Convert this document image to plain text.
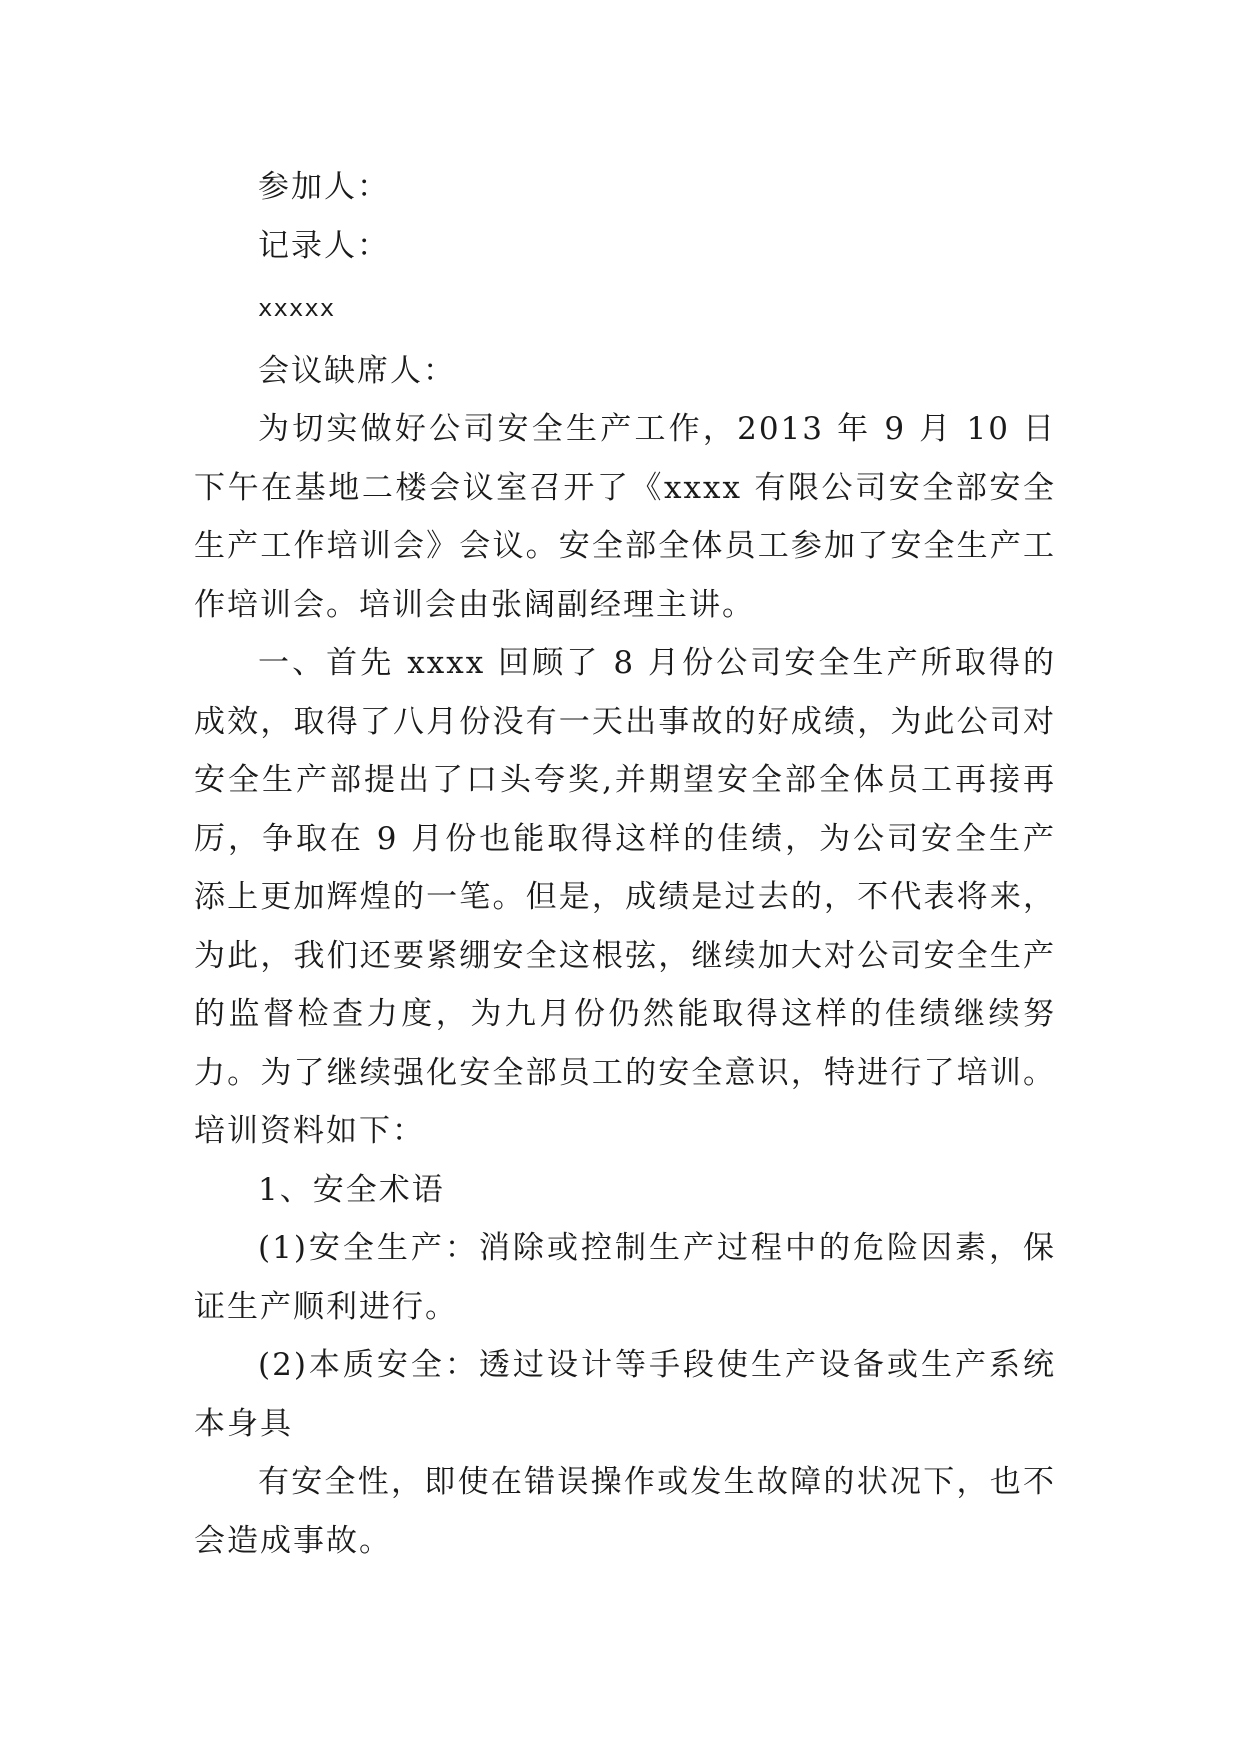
参加人：

记录人：

xxxxx

会议缺席人：

为切实做好公司安全生产工作，2013 年 9 月 10 日下午在基地二楼会议室召开了《xxxx 有限公司安全部安全生产工作培训会》会议。安全部全体员工参加了安全生产工作培训会。培训会由张阔副经理主讲。

一、首先 xxxx 回顾了 8 月份公司安全生产所取得的成效，取得了八月份没有一天出事故的好成绩，为此公司对安全生产部提出了口头夸奖,并期望安全部全体员工再接再厉，争取在 9 月份也能取得这样的佳绩，为公司安全生产添上更加辉煌的一笔。但是，成绩是过去的，不代表将来，为此，我们还要紧绷安全这根弦，继续加大对公司安全生产的监督检查力度，为九月份仍然能取得这样的佳绩继续努力。为了继续强化安全部员工的安全意识，特进行了培训。培训资料如下：

1、安全术语

(1)安全生产：消除或控制生产过程中的危险因素，保证生产顺利进行。

(2)本质安全：透过设计等手段使生产设备或生产系统本身具

有安全性，即使在错误操作或发生故障的状况下，也不会造成事故。
